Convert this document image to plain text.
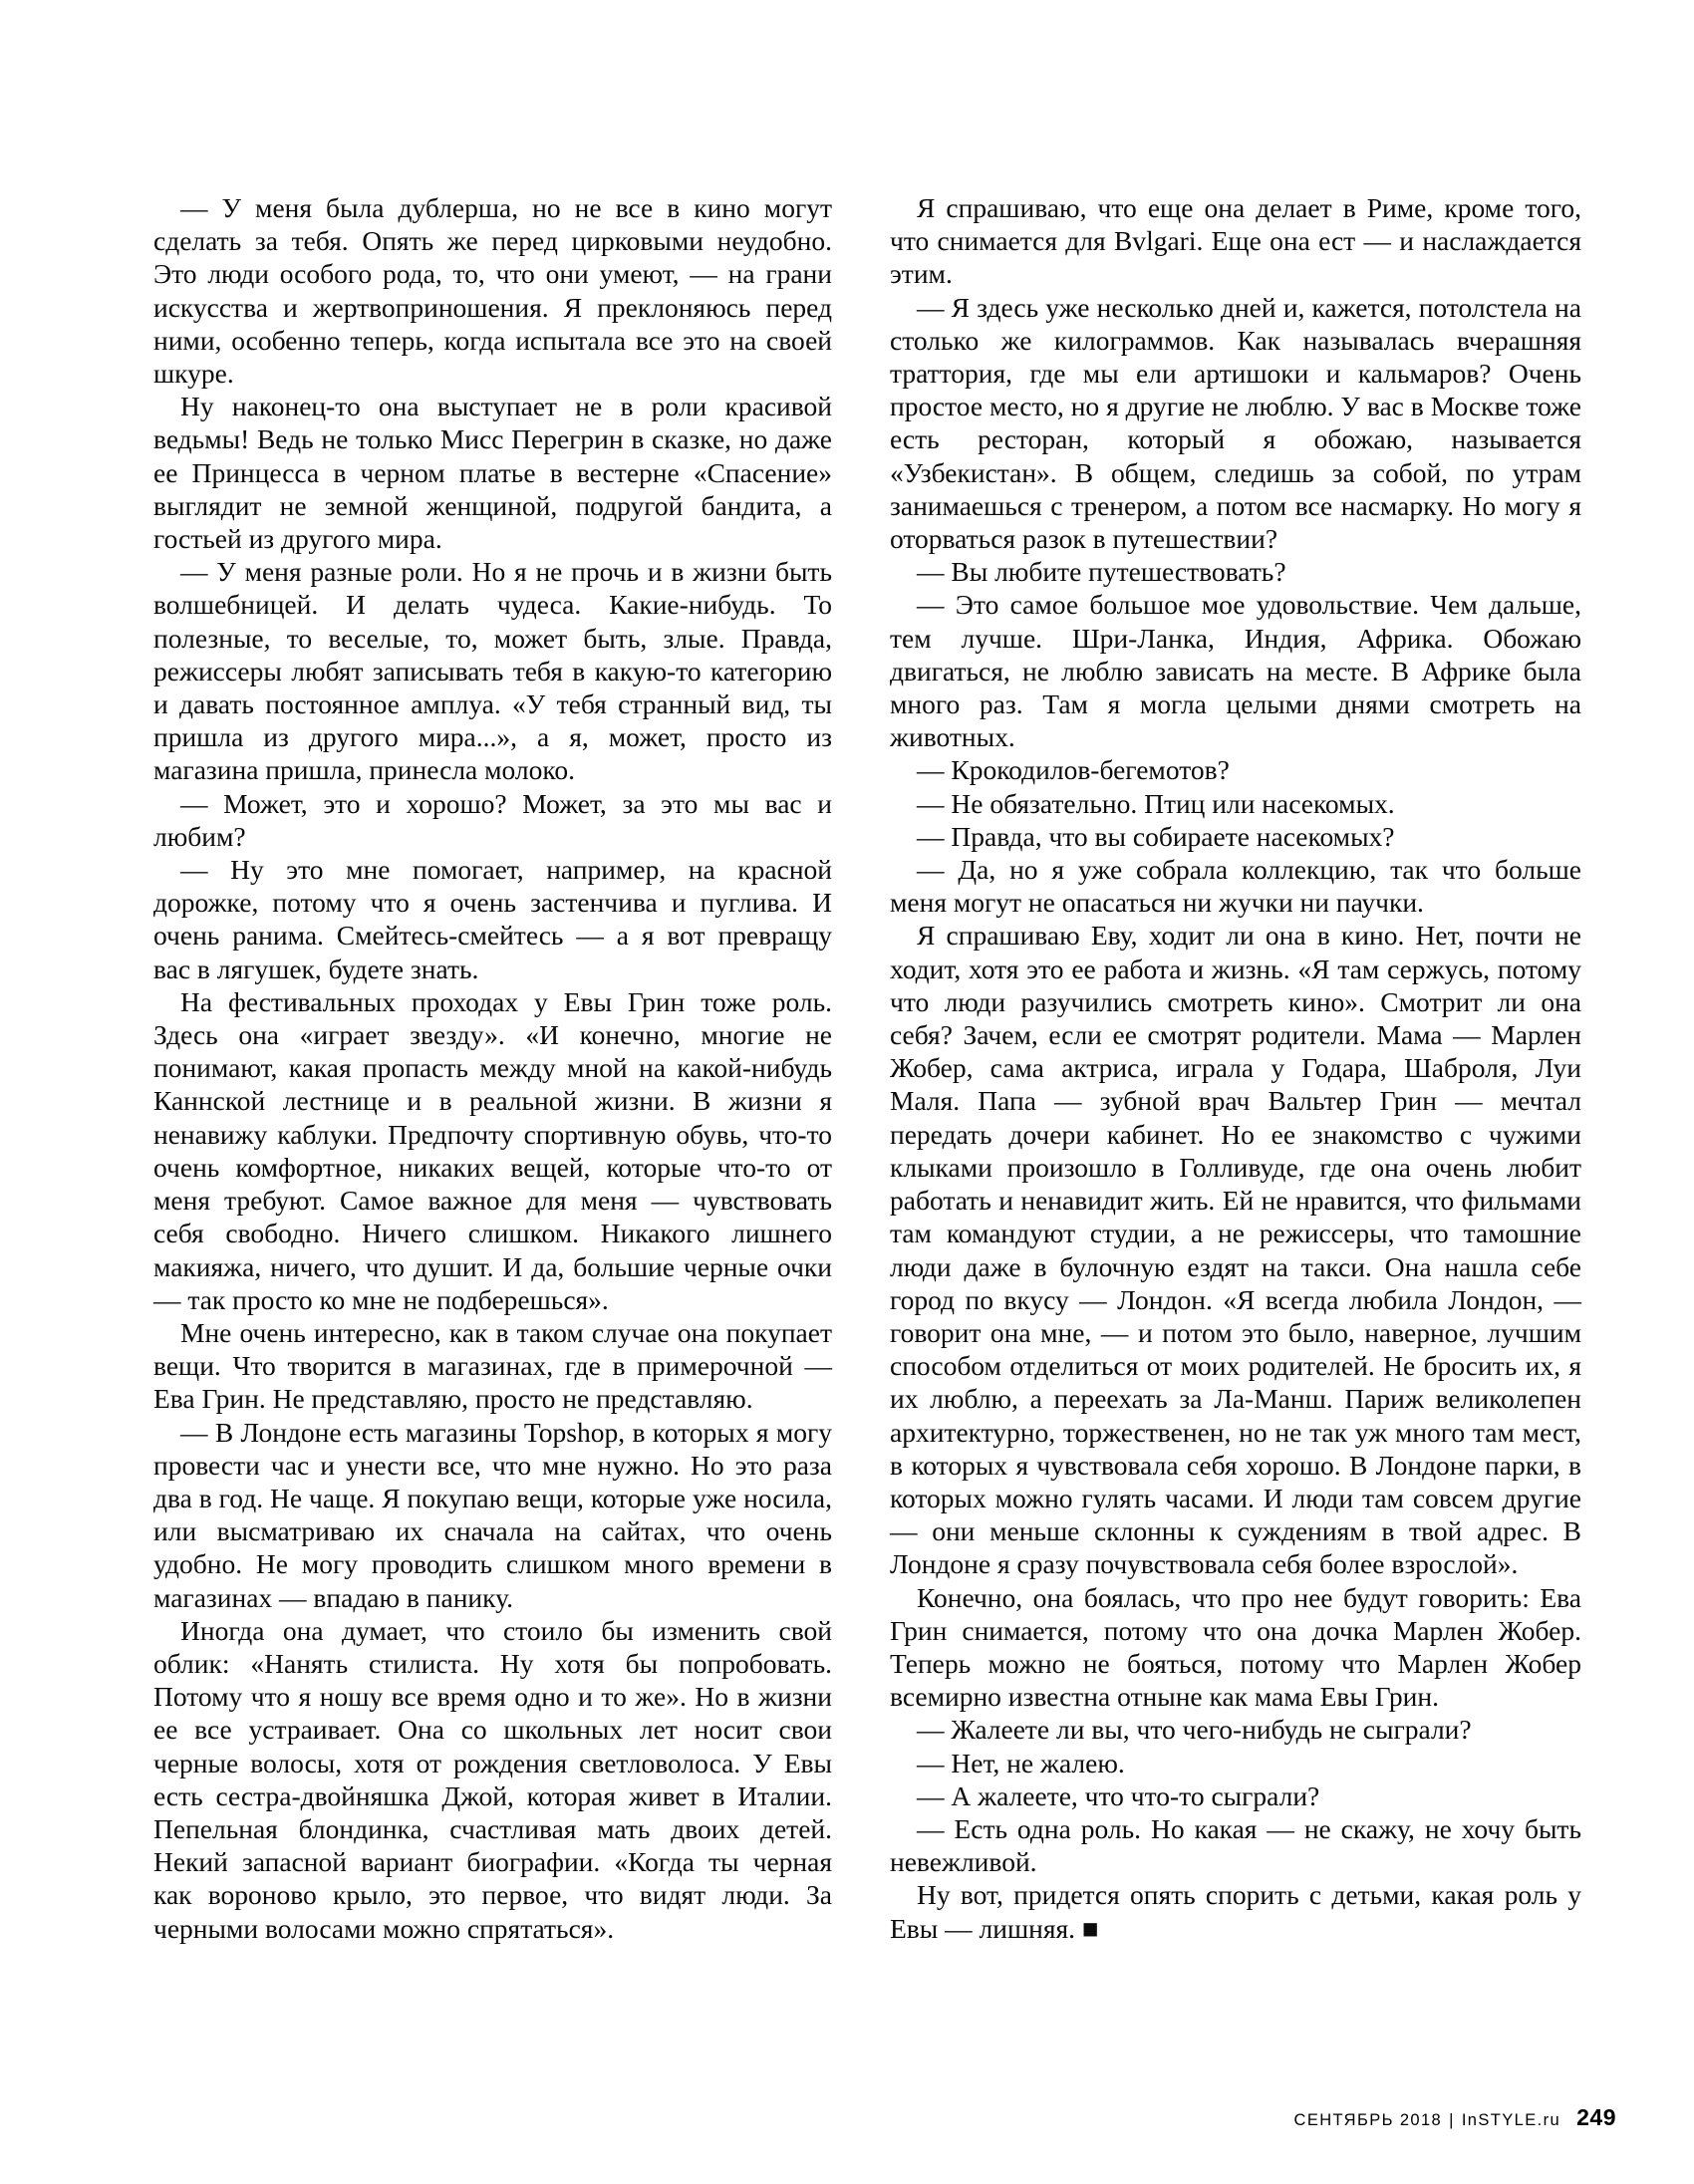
— У меня была дублерша, но не все в кино могут сделать за тебя. Опять же перед цирковыми неудобно. Это люди особого рода, то, что они умеют, — на грани искусства и жертвоприношения. Я преклоняюсь перед ними, особенно теперь, когда испытала все это на своей шкуре.

Ну наконец-то она выступает не в роли красивой ведьмы! Ведь не только Мисс Перегрин в сказке, но даже ее Принцесса в черном платье в вестерне «Спасение» выглядит не земной женщиной, подругой бандита, а гостьей из другого мира.

— У меня разные роли. Но я не прочь и в жизни быть волшебницей. И делать чудеса. Какие-нибудь. То полезные, то веселые, то, может быть, злые. Правда, режиссеры любят записывать тебя в какую-то категорию и давать постоянное амплуа. «У тебя странный вид, ты пришла из другого мира...», а я, может, просто из магазина пришла, принесла молоко.

— Может, это и хорошо? Может, за это мы вас и любим?

— Ну это мне помогает, например, на красной дорожке, потому что я очень застенчива и пуглива. И очень ранима. Смейтесь-смейтесь — а я вот превращу вас в лягушек, будете знать.

На фестивальных проходах у Евы Грин тоже роль. Здесь она «играет звезду». «И конечно, многие не понимают, какая пропасть между мной на какой-нибудь Каннской лестнице и в реальной жизни. В жизни я ненавижу каблуки. Предпочту спортивную обувь, что-то очень комфортное, никаких вещей, которые что-то от меня требуют. Самое важное для меня — чувствовать себя свободно. Ничего слишком. Никакого лишнего макияжа, ничего, что душит. И да, большие черные очки — так просто ко мне не подберешься».

Мне очень интересно, как в таком случае она покупает вещи. Что творится в магазинах, где в примерочной — Ева Грин. Не представляю, просто не представляю.

— В Лондоне есть магазины Topshop, в которых я могу провести час и унести все, что мне нужно. Но это раза два в год. Не чаще. Я покупаю вещи, которые уже носила, или высматриваю их сначала на сайтах, что очень удобно. Не могу проводить слишком много времени в магазинах — впадаю в панику.

Иногда она думает, что стоило бы изменить свой облик: «Нанять стилиста. Ну хотя бы попробовать. Потому что я ношу все время одно и то же». Но в жизни ее все устраивает. Она со школьных лет носит свои черные волосы, хотя от рождения светловолоса. У Евы есть сестра-двойняшка Джой, которая живет в Италии. Пепельная блондинка, счастливая мать двоих детей. Некий запасной вариант биографии. «Когда ты черная как вороново крыло, это первое, что видят люди. За черными волосами можно спрятаться».

Я спрашиваю, что еще она делает в Риме, кроме того, что снимается для Bvlgari. Еще она ест — и наслаждается этим.

— Я здесь уже несколько дней и, кажется, потолстела на столько же килограммов. Как называлась вчерашняя траттория, где мы ели артишоки и кальмаров? Очень простое место, но я другие не люблю. У вас в Москве тоже есть ресторан, который я обожаю, называется «Узбекистан». В общем, следишь за собой, по утрам занимаешься с тренером, а потом все насмарку. Но могу я оторваться разок в путешествии?

— Вы любите путешествовать?

— Это самое большое мое удовольствие. Чем дальше, тем лучше. Шри-Ланка, Индия, Африка. Обожаю двигаться, не люблю зависать на месте. В Африке была много раз. Там я могла целыми днями смотреть на животных.

— Крокодилов-бегемотов?

— Не обязательно. Птиц или насекомых.

— Правда, что вы собираете насекомых?

— Да, но я уже собрала коллекцию, так что больше меня могут не опасаться ни жучки ни паучки.

Я спрашиваю Еву, ходит ли она в кино. Нет, почти не ходит, хотя это ее работа и жизнь. «Я там сержусь, потому что люди разучились смотреть кино». Смотрит ли она себя? Зачем, если ее смотрят родители. Мама — Марлен Жобер, сама актриса, играла у Годара, Шаброля, Луи Маля. Папа — зубной врач Вальтер Грин — мечтал передать дочери кабинет. Но ее знакомство с чужими клыками произошло в Голливуде, где она очень любит работать и ненавидит жить. Ей не нравится, что фильмами там командуют студии, а не режиссеры, что тамошние люди даже в булочную ездят на такси. Она нашла себе город по вкусу — Лондон. «Я всегда любила Лондон, — говорит она мне, — и потом это было, наверное, лучшим способом отделиться от моих родителей. Не бросить их, я их люблю, а переехать за Ла-Манш. Париж великолепен архитектурно, торжественен, но не так уж много там мест, в которых я чувствовала себя хорошо. В Лондоне парки, в которых можно гулять часами. И люди там совсем другие — они меньше склонны к суждениям в твой адрес. В Лондоне я сразу почувствовала себя более взрослой».

Конечно, она боялась, что про нее будут говорить: Ева Грин снимается, потому что она дочка Марлен Жобер. Теперь можно не бояться, потому что Марлен Жобер всемирно известна отныне как мама Евы Грин.

— Жалеете ли вы, что чего-нибудь не сыграли?

— Нет, не жалею.

— А жалеете, что что-то сыграли?

— Есть одна роль. Но какая — не скажу, не хочу быть невежливой.

Ну вот, придется опять спорить с детьми, какая роль у Евы — лишняя. ■

СЕНТЯБРЬ 2018 | InSTYLE.ru 249
